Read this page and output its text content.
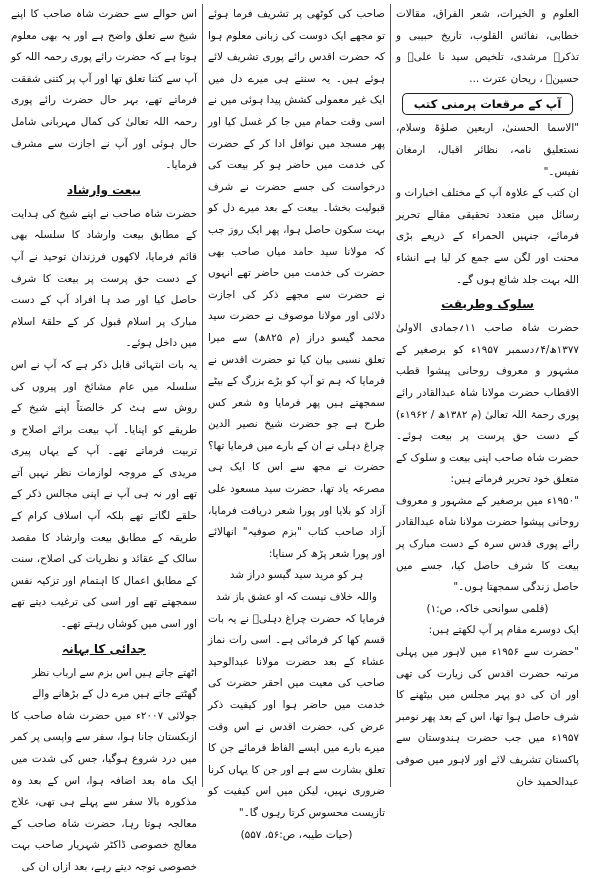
العلوم و الخیرات، شعر الفراق، مقالات خطابی، نفائس القلوب، تاریخ حبیبی و تذکرۂ مرشدی، تلخیص سید نا علیؓ و حسینؓ ، ریحان عترت ...

آپ کے مرقعات پرمنی کتب

"الاسما الحسنیٰ، اربعین صلوٰۃ وسلام، نستعلیق نامہ، نظائر اقبال، ارمغان نفیس۔"

ان کتب کے علاوہ آپ کے مختلف اخبارات و رسائل میں متعدد تحقیقی مقالے تحریر فرمائے، جنہیں الحمراء کے ذریعے بڑی محنت اور لگن سے جمع کر لیا ہے انشاء اللہ بہت جلد شائع ہوں گے۔

سلوک وطریقت

حضرت شاہ صاحب ۱۱؍جمادی الاولیٰ ۱۳۷۷ھ/۴؍دسمبر ۱۹۵۷ء کو برصغیر کے مشہور و معروف روحانی پیشوا قطب الاقطاب حضرت مولانا شاہ عبدالقادر رائے پوری رحمۃ اللہ تعالیٰ (م ۱۳۸۲ھ / ۱۹۶۲ء) کے دست حق پرست پر بیعت ہوئے۔ حضرت شاہ صاحب اپنی بیعت و سلوک کے متعلق خود تحریر فرماتے ہیں:

"۱۹۵۰ء میں برصغیر کے مشہور و معروف روحانی پیشوا حضرت مولانا شاہ عبدالقادر رائے پوری قدس سرہ کے دست مبارک پر بیعت کا شرف حاصل کیا، جسے میں حاصل زندگی سمجھتا ہوں۔"

(قلمی سوانحی خاکہ، ص:۱)

ایک دوسرے مقام پر آپ لکھتے ہیں:

"حضرت سے ۱۹۵۶ء میں لاہور میں پہلی مرتبہ حضرت اقدس کی زیارت کی تھی اور ان کی دو پہر مجلس میں بیٹھنے کا شرف حاصل ہوا تھا، اس کے بعد پھر نومبر ۱۹۵۷ء میں جب حضرت ہندوستان سے پاکستان تشریف لائے اور لاہور میں صوفی عبدالحمید خان

صاحب کی کوٹھی پر تشریف فرما ہوئے تو مجھے ایک دوست کی زبانی معلوم ہوا کہ حضرت اقدس رائے پوری تشریف لائے ہوئے ہیں۔ یہ سنتے ہی میرے دل میں ایک غیر معمولی کشش پیدا ہوئی میں نے اسی وقت حمام میں جا کر غسل کیا اور پھر مسجد میں نوافل ادا کر کے حضرت کی خدمت میں حاضر ہو کر بیعت کی درخواست کی جسے حضرت نے شرف قبولیت بخشا۔ بیعت کے بعد میرے دل کو بہت سکون حاصل ہوا، پھر ایک روز جب کہ مولانا سید حامد میاں صاحب بھی حضرت کی خدمت میں حاضر تھے انہوں نے حضرت سے مجھے ذکر کی اجازت دلائی اور مولانا موصوف نے حضرت سید محمد گیسو دراز (م ۸۲۵ھ) سے میرا تعلق نسبی بیان کیا تو حضرت اقدس نے فرمایا کہ ہم تو آپ کو بڑے بزرگ کے بیٹے سمجھتے ہیں پھر فرمایا وہ شعر کس طرح ہے جو حضرت شیخ نصیر الدین چراغ دہلی نے ان کے بارے میں فرمایا تھا؟ حضرت نے مجھ سے اس کا ایک ہی مصرعہ یاد تھا، حضرت سید مسعود علی آزاد کو بلایا اور پورا شعر دریافت فرمایا، آزاد صاحب کتاب "بزم صوفیہ" انھالائے اور پورا شعر پڑھ کر سنایا:

ہر کو مرید سید گیسو دراز شد
واللہ خلاف نیست کہ او عشق باز شد

فرمایا کہ حضرت چراغ دہلیؒ نے یہ بات قسم کھا کر فرمائی ہے۔ اسی رات نماز عشاء کے بعد حضرت مولانا عبدالوحید صاحب کی معیت میں احقر حضرت کی خدمت میں حاضر ہوا اور کیفیت ذکر عرض کی، حضرت اقدس نے اس وقت میرے بارے میں ایسے الفاظ فرمائے جن کا تعلق بشارت سے ہے اور جن کا یہاں کرنا ضروری نہیں، لیکن میں اس کیفیت کو تازیست محسوس کرتا رہوں گا۔"

(حیات طیبہ، ص:۵۶، ۵۵۷)

اس حوالے سے حضرت شاہ صاحب کا اپنے شیخ سے تعلق واضح ہے اور یہ بھی معلوم ہوتا ہے کہ حضرت رائے پوری رحمہ اللہ کو آپ سے کتنا تعلق تھا اور آپ پر کتنی شفقت فرماتے تھے، بہر حال حضرت رائے پوری رحمہ اللہ تعالیٰ کی کمال مہربانی شامل حال ہوئی اور آپ نے اجازت سے مشرف فرمایا۔

بیعت وارشاد

حضرت شاہ صاحب نے اپنے شیخ کی ہدایت کے مطابق بیعت وارشاد کا سلسلہ بھی قائم فرمایا، لاکھوں فرزندان توحید نے آپ کے دست حق پرست پر بیعت کا شرف حاصل کیا اور صد ہا افراد آپ کے دست مبارک پر اسلام قبول کر کے حلقۂ اسلام میں داخل ہوئے۔

یہ بات انتہائی قابل ذکر ہے کہ آپ نے اس سلسلہ میں عام مشائخ اور پیروں کی روش سے ہٹ کر خالصتاً اپنے شیخ کے طریقے کو اپنایا۔ آپ بیعت برائے اصلاح و تربیت فرماتے تھے۔ آپ کے یہاں پیری مریدی کے مروجہ لوازمات نظر نہیں آتے تھے اور نہ ہی آپ نے اپنی مجالس ذکر کے حلقے لگاتے تھے بلکہ آپ اسلاف کرام کے طریقہ کے مطابق بیعت وارشاد کا مقصد سالک کے عقائد و نظریات کی اصلاح، سنت کے مطابق اعمال کا اہتمام اور تزکیہ نفس سمجھتے تھے اور اسی کی ترغیب دیتے تھے اور اسی میں کوشاں رہتے تھے۔

جدائی کا بہانہ

اٹھتے جاتے ہیں اس بزم سے ارباب نظر

گھٹتے جاتے ہیں مرے دل کے بڑھانے والے

جولائی ۲۰۰۷ء میں حضرت شاہ صاحب کا ازبکستان جانا ہوا، سفر سے واپسی پر کمر میں درد شروع ہوگیا، جس کی شدت میں ایک ماہ بعد اضافہ ہوا، اس کے بعد وہ مذکورہ بالا سفر سے پہلے ہی تھی، علاج معالجہ ہوتا رہا، حضرت شاہ صاحب کے معالج خصوصی ڈاکٹر شہریار صاحب بہت خصوصی توجہ دیتے رہے، بعد ازاں ان کی
